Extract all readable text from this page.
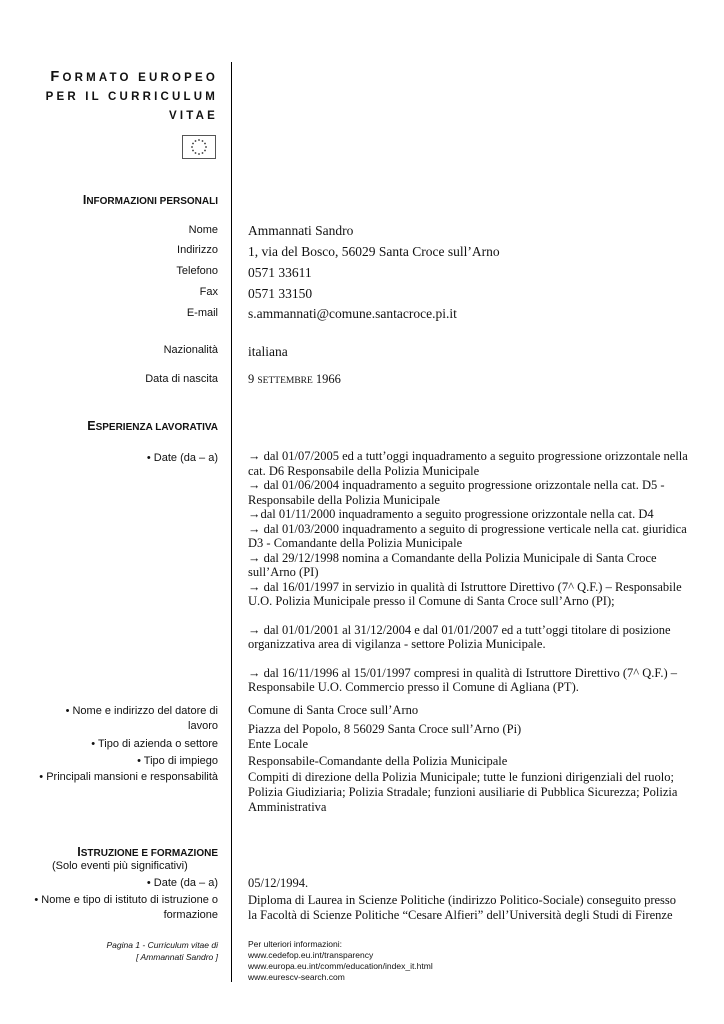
FORMATO EUROPEO
PER IL CURRICULUM
VITAE
INFORMAZIONI PERSONALI
Nome Ammannati Sandro
Indirizzo 1, via del Bosco, 56029 Santa Croce sull’Arno
Telefono 0571 33611
Fax 0571 33150
E-mail s.ammannati@comune.santacroce.pi.it
Nazionalità italiana
Data di nascita 9 SETTEMBRE 1966
ESPERIENZA LAVORATIVA
• Date (da – a) → dal 01/07/2005 ed a tutt’oggi inquadramento a seguito progressione orizzontale nella cat. D6 Responsabile della Polizia Municipale

→ dal 01/06/2004 inquadramento a seguito progressione orizzontale nella cat. D5 - Responsabile della Polizia Municipale

→dal 01/11/2000 inquadramento a seguito progressione orizzontale nella cat. D4

→ dal 01/03/2000 inquadramento a seguito di progressione verticale nella cat. giuridica D3 - Comandante della Polizia Municipale

→ dal 29/12/1998 nomina a Comandante della Polizia Municipale di Santa Croce sull’Arno (PI)

→ dal 16/01/1997 in servizio in qualità di Istruttore Direttivo (7^ Q.F.) – Responsabile U.O. Polizia Municipale presso il Comune di Santa Croce sull’Arno (PI);

→ dal 01/01/2001 al 31/12/2004 e dal 01/01/2007 ed a tutt’oggi titolare di posizione organizzativa area di vigilanza - settore Polizia Municipale.

→ dal 16/11/1996 al 15/01/1997 compresi in qualità di Istruttore Direttivo (7^ Q.F.) – Responsabile U.O. Commercio presso il Comune di Agliana (PT).

• Nome e indirizzo del datore di
lavoro
Comune di Santa Croce sull’Arno
Piazza del Popolo, 8 56029 Santa Croce sull’Arno (Pi)
• Tipo di azienda o settore Ente Locale
• Tipo di impiego Responsabile-Comandante della Polizia Municipale
• Principali mansioni e responsabilità Compiti di direzione della Polizia Municipale; tutte le funzioni dirigenziali del ruolo; Polizia Giudiziaria; Polizia Stradale; funzioni ausiliarie di Pubblica Sicurezza; Polizia Amministrativa
ISTRUZIONE E FORMAZIONE
(Solo eventi più significativi)
• Date (da – a) 05/12/1994.
• Nome e tipo di istituto di istruzione o
formazione
Diploma di Laurea in Scienze Politiche (indirizzo Politico-Sociale) conseguito presso la Facoltà di Scienze Politiche “Cesare Alfieri” dell’Università degli Studi di Firenze
Pagina 1 - Curriculum vitae di
[ Ammannati Sandro ]
Per ulteriori informazioni:
www.cedefop.eu.int/transparency
www.europa.eu.int/comm/education/index_it.html
www.eurescv-search.com
